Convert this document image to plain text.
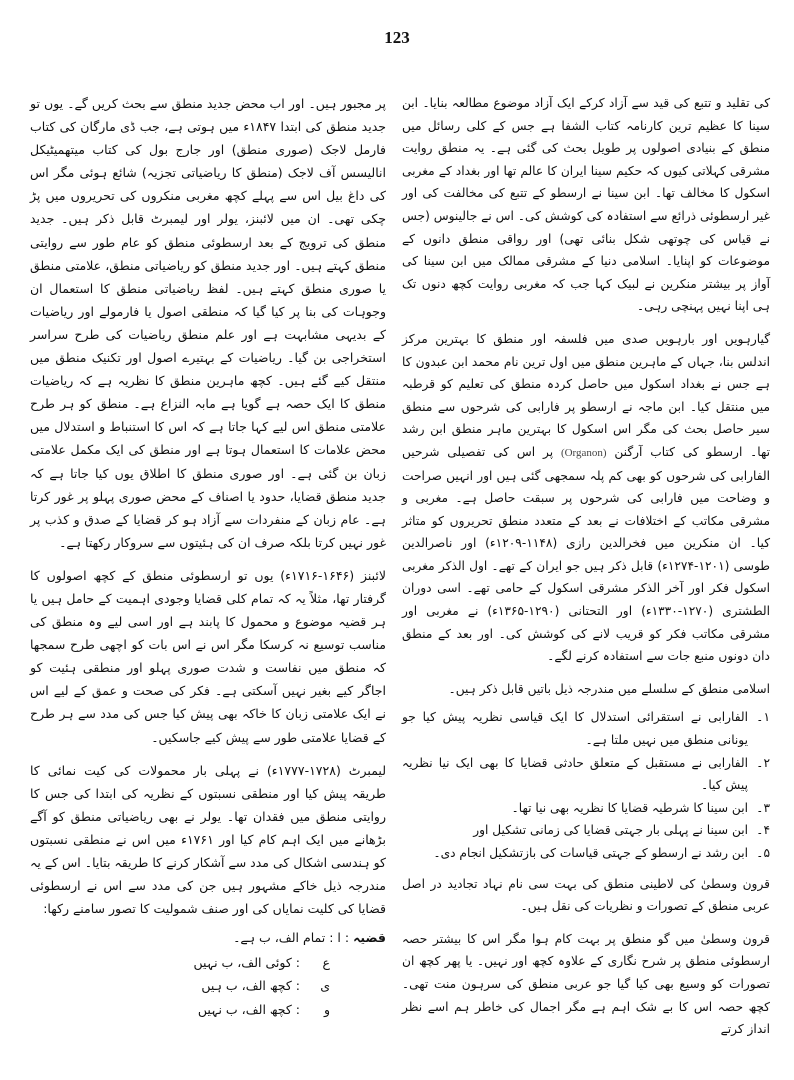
123

کی تقلید و تتبع کی قید سے آزاد کرکے ایک آزاد موضوع مطالعہ بنایا۔ ابن سینا کا عظیم ترین کارنامہ کتاب الشفا ہے جس کے کلی رسائل میں منطق کے بنیادی اصولوں پر طویل بحث کی گئی ہے۔ یہ منطق روایت مشرقی کہلاتی کیوں کہ حکیم سینا ایران کا عالم تھا اور بغداد کے مغربی اسکول کا مخالف تھا۔ ابن سینا نے ارسطو کے تتبع کی مخالفت کی اور غیر ارسطوئی ذرائع سے استفادہ کی کوشش کی۔ اس نے جالینوس (جس نے قیاس کی چوتھی شکل بنائی تھی) اور رواقی منطق دانوں کے موضوعات کو اپنایا۔ اسلامی دنیا کے مشرقی ممالک میں ابن سینا کی آواز پر بیشتر منکرین نے لبیک کہا جب کہ مغربی روایت کچھ دنوں تک ہی اپنا نہیں پہنچی رہی۔

گیارہویں اور بارہویں صدی میں فلسفہ اور منطق کا بہترین مرکز اندلس بنا، جہاں کے ماہرین منطق میں اول ترین نام محمد ابن عبدون کا ہے جس نے بغداد اسکول میں حاصل کردہ منطق کی تعلیم کو قرطبہ میں منتقل کیا۔ ابن ماجہ نے ارسطو پر فارابی کی شرحوں سے منطق سیر حاصل بحث کی مگر اس اسکول کا بہترین ماہر منطق ابن رشد تھا۔ ارسطو کی کتاب آرگنن (Organon) پر اس کی تفصیلی شرحیں الفارابی کی شرحوں کو بھی کم پلہ سمجھی گئی ہیں اور انہیں صراحت و وضاحت میں فارابی کی شرحوں پر سبقت حاصل ہے۔ مغربی و مشرقی مکاتب کے اختلافات نے بعد کے متعدد منطق تحریروں کو متاثر کیا۔ ان منکرین میں فخرالدین رازی (۱۱۴۸-۱۲۰۹ء) اور ناصرالدین طوسی (۱۲۰۱-۱۲۷۴ء) قابل ذکر ہیں جو ایران کے تھے۔ اول الذکر مغربی اسکول فکر اور آخر الذکر مشرقی اسکول کے حامی تھے۔ اسی دوران الطشتری (۱۲۷۰-۱۳۳۰ء) اور التحتانی (۱۲۹۰-۱۳۶۵ء) نے مغربی اور مشرقی مکاتب فکر کو قریب لانے کی کوشش کی۔ اور بعد کے منطق دان دونوں منبع جات سے استفادہ کرنے لگے۔

اسلامی منطق کے سلسلے میں مندرجہ ذیل باتیں قابل ذکر ہیں۔

۱۔
الفارابی نے استقرائی استدلال کا ایک قیاسی نظریہ پیش کیا جو یونانی منطق میں نہیں ملتا ہے۔
۲۔
الفارابی نے مستقبل کے متعلق حادثی قضایا کا بھی ایک نیا نظریہ پیش کیا۔
۳۔
ابن سینا کا شرطیہ قضایا کا نظریہ بھی نیا تھا۔
۴۔
ابن سینا نے پہلی بار جہتی قضایا کی زمانی تشکیل اور
۵۔
ابن رشد نے ارسطو کے جہتی قیاسات کی بازتشکیل انجام دی۔

قرون وسطیٰ کی لاطینی منطق کی بہت سی نام نہاد تجادید در اصل عربی منطق کے تصورات و نظریات کی نقل ہیں۔

قرون وسطیٰ میں گو منطق پر بہت کام ہوا مگر اس کا بیشتر حصہ ارسطوئی منطق پر شرح نگاری کے علاوہ کچھ اور نہیں۔ یا پھر کچھ ان تصورات کو وسیع بھی کیا گیا جو عربی منطق کی سرہون منت تھی۔ کچھ حصہ اس کا بے شک اہم ہے مگر اجمال کی خاطر ہم اسے نظر انداز کرتے

پر مجبور ہیں۔ اور اب محض جدید منطق سے بحث کریں گے۔ یوں تو جدید منطق کی ابتدا ۱۸۴۷ء میں ہوتی ہے، جب ڈی مارگان کی کتاب فارمل لاجک (صوری منطق) اور جارج بول کی کتاب میتھمیٹیکل انالیسس آف لاجک (منطق کا ریاضیاتی تجزیہ) شائع ہوئی مگر اس کی داغ بیل اس سے پہلے کچھ مغربی منکروں کی تحریروں میں پڑ چکی تھی۔ ان میں لائبنز، یولر اور لیمبرٹ قابل ذکر ہیں۔ جدید منطق کی ترویج کے بعد ارسطوئی منطق کو عام طور سے روایتی منطق کہتے ہیں۔ اور جدید منطق کو ریاضیاتی منطق، علامتی منطق یا صوری منطق کہتے ہیں۔ لفظ ریاضیاتی منطق کا استعمال ان وجوہات کی بنا پر کیا گیا کہ منطقی اصول یا فارمولے اور ریاضیات کے بدیہی مشابہت ہے اور علم منطق ریاضیات کی طرح سراسر استخراجی بن گیا۔ ریاضیات کے بہتیرے اصول اور تکنیک منطق میں منتقل کیے گئے ہیں۔ کچھ ماہرین منطق کا نظریہ ہے کہ ریاضیات منطق کا ایک حصہ ہے گویا ہے مابہ النزاع ہے۔ منطق کو ہر طرح علامتی منطق اس لیے کہا جاتا ہے کہ اس کا استنباط و استدلال میں محض علامات کا استعمال ہوتا ہے اور منطق کی ایک مکمل علامتی زبان بن گئی ہے۔ اور صوری منطق کا اطلاق یوں کیا جاتا ہے کہ جدید منطق قضایا، حدود یا اصناف کے محض صوری پہلو پر غور کرتا ہے۔ عام زبان کے منفردات سے آزاد ہو کر قضایا کے صدق و کذب پر غور نہیں کرتا بلکہ صرف ان کی ہئیتوں سے سروکار رکھتا ہے۔

لائبنز (۱۶۴۶-۱۷۱۶ء) یوں تو ارسطوئی منطق کے کچھ اصولوں کا گرفتار تھا، مثلاً یہ کہ تمام کلی قضایا وجودی اہمیت کے حامل ہیں یا ہر قضیہ موضوع و محمول کا پابند ہے اور اسی لیے وہ منطق کی مناسب توسیع نہ کرسکا مگر اس نے اس بات کو اچھی طرح سمجھا کہ منطق میں نفاست و شدت صوری پہلو اور منطقی ہئیت کو اجاگر کیے بغیر نہیں آسکتی ہے۔ فکر کی صحت و عمق کے لیے اس نے ایک علامتی زبان کا خاکہ بھی پیش کیا جس کی مدد سے ہر طرح کے قضایا علامتی طور سے پیش کیے جاسکیں۔

لیمبرٹ (۱۷۲۸-۱۷۷۷ء) نے پہلی بار محمولات کی کیت نمائی کا طریقہ پیش کیا اور منطقی نسبتوں کے نظریہ کی ابتدا کی جس کا روایتی منطق میں فقدان تھا۔ یولر نے بھی ریاضیاتی منطق کو آگے بڑھانے میں ایک اہم کام کیا اور ۱۷۶۱ء میں اس نے منطقی نسبتوں کو ہندسی اشکال کی مدد سے آشکار کرنے کا طریقہ بتایا۔ اس کے یہ مندرجہ ذیل خاکے مشہور ہیں جن کی مدد سے اس نے ارسطوئی قضایا کی کلیت نمایاں کی اور صنف شمولیت کا تصور سامنے رکھا:

قضیہ : ا : تمام الف، ب ہے۔
ع
: کوئی الف، ب نہیں
ی
: کچھ الف، ب ہیں
و
: کچھ الف، ب نہیں
